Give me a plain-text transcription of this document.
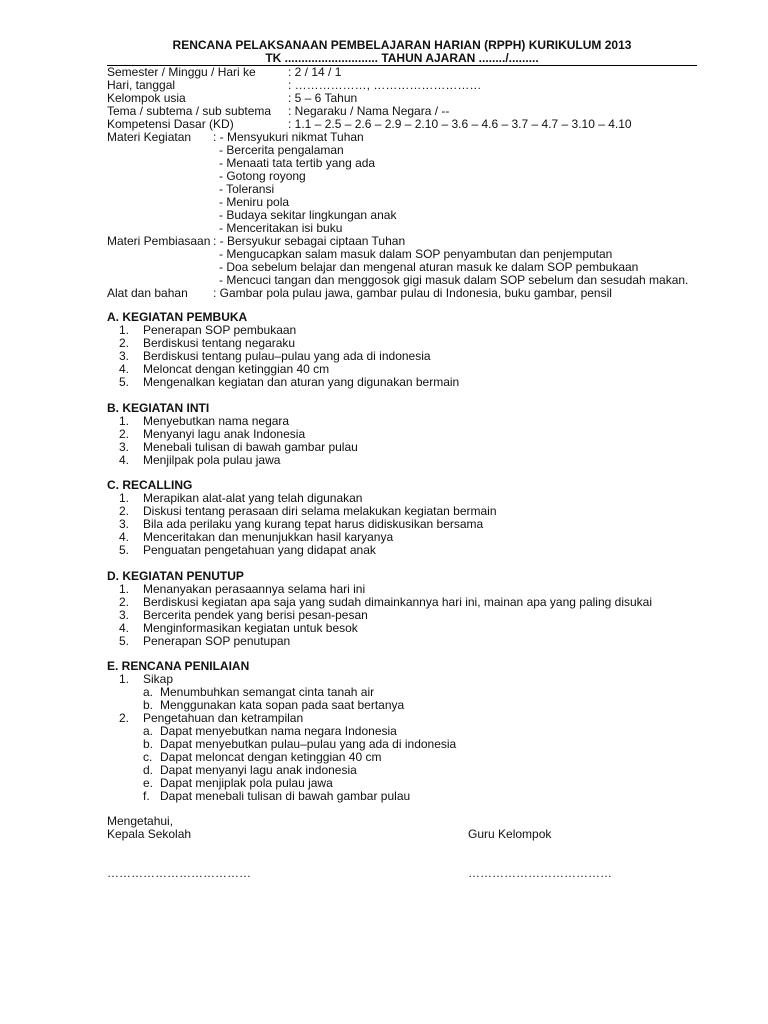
RENCANA PELAKSANAAN PEMBELAJARAN HARIAN (RPPH) KURIKULUM 2013
TK ............................ TAHUN AJARAN ......../.........
Semester / Minggu / Hari ke	: 2 / 14 / 1
Hari, tanggal	: ………………, ………………………
Kelompok usia	: 5 – 6 Tahun
Tema / subtema / sub subtema : Negaraku / Nama Negara / --
Kompetensi Dasar (KD)	: 1.1 – 2.5 – 2.6 – 2.9 – 2.10 – 3.6 – 4.6 – 3.7 – 4.7 – 3.10 – 4.10
Materi Kegiatan : - Mensyukuri nikmat Tuhan
- Bercerita pengalaman
- Menaati tata tertib yang ada
- Gotong royong
- Toleransi
- Meniru pola
- Budaya sekitar lingkungan anak
- Menceritakan isi buku
Materi Pembiasaan : - Bersyukur sebagai ciptaan Tuhan
- Mengucapkan salam masuk dalam SOP penyambutan dan penjemputan
- Doa sebelum belajar dan mengenal aturan masuk ke dalam SOP pembukaan
- Mencuci tangan dan menggosok gigi masuk dalam SOP sebelum dan sesudah makan.
Alat dan bahan : Gambar pola pulau jawa, gambar pulau di Indonesia, buku gambar, pensil
A. KEGIATAN PEMBUKA
1. Penerapan SOP pembukaan
2. Berdiskusi tentang negaraku
3. Berdiskusi tentang pulau–pulau yang ada di indonesia
4. Meloncat dengan ketinggian 40 cm
5. Mengenalkan kegiatan dan aturan yang digunakan bermain
B. KEGIATAN INTI
1. Menyebutkan nama negara
2. Menyanyi lagu anak Indonesia
3. Menebali tulisan di bawah gambar pulau
4. Menjilpak pola pulau jawa
C. RECALLING
1. Merapikan alat-alat yang telah digunakan
2. Diskusi tentang perasaan diri selama melakukan kegiatan bermain
3. Bila ada perilaku yang kurang tepat harus didiskusikan bersama
4. Menceritakan dan menunjukkan hasil karyanya
5. Penguatan pengetahuan yang didapat anak
D. KEGIATAN PENUTUP
1. Menanyakan perasaannya selama hari ini
2. Berdiskusi kegiatan apa saja yang sudah dimainkannya hari ini, mainan apa yang paling disukai
3. Bercerita pendek yang berisi pesan-pesan
4. Menginformasikan kegiatan untuk besok
5. Penerapan SOP penutupan
E. RENCANA PENILAIAN
1. Sikap
a. Menumbuhkan semangat cinta tanah air
b. Menggunakan kata sopan pada saat bertanya
2. Pengetahuan dan ketrampilan
a. Dapat menyebutkan nama negara Indonesia
b. Dapat menyebutkan pulau–pulau yang ada di indonesia
c. Dapat meloncat dengan ketinggian 40 cm
d. Dapat menyanyi lagu anak indonesia
e. Dapat menjiplak pola pulau jawa
f. Dapat menebali tulisan di bawah gambar pulau
Mengetahui,
Kepala Sekolah
………………………………
Guru Kelompok
………………………………
